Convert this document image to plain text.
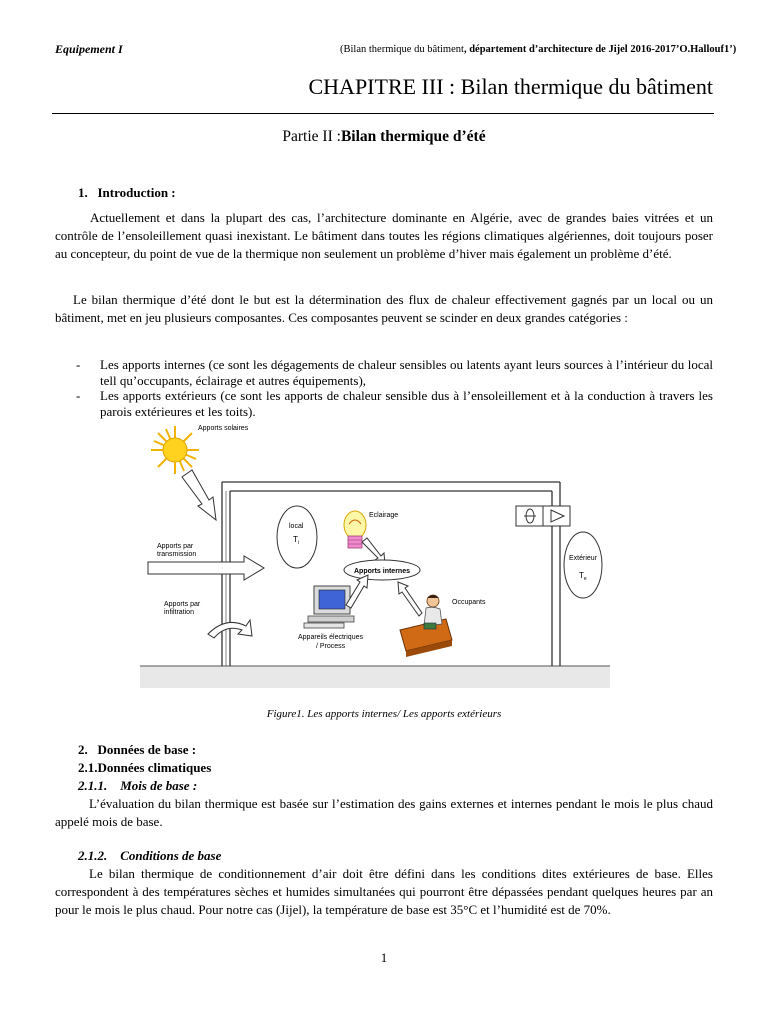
Equipement I	(Bilan thermique du bâtiment, département d’architecture de Jijel 2016-2017’O.Hallouf1’)
CHAPITRE III : Bilan thermique du bâtiment
Partie II :Bilan thermique d’été
1.   Introduction :
Actuellement et dans la plupart des cas, l’architecture dominante en Algérie, avec de grandes baies vitrées et un contrôle de l’ensoleillement quasi inexistant. Le bâtiment dans toutes les régions climatiques algériennes, doit toujours poser au concepteur, du point de vue de la thermique non seulement un problème d’hiver mais également un problème d’été.
Le bilan thermique d’été dont le but est la détermination des flux de chaleur effectivement gagnés par un local ou un bâtiment, met en jeu plusieurs composantes. Ces composantes peuvent se scinder en deux grandes catégories :
- Les apports internes (ce sont les dégagements de chaleur sensibles ou latents ayant leurs sources à l’intérieur du local tell qu’occupants, éclairage et autres équipements),
- Les apports extérieurs (ce sont les apports de chaleur sensible dus à l’ensoleillement et à la conduction à travers les parois extérieures et les toits).
Apports solaires
Apports par transmission
Apports par infiltration
local
$T_i$
Eclairage
Apports internes
Appareils électriques / Process
Occupants
Extérieur
$T_e$
Figure1. Les apports internes/ Les apports extérieurs
2.   Données de base :
2.1.Données climatiques
2.1.1.    Mois de base :
L’évaluation du bilan thermique est basée sur l’estimation des gains externes et internes pendant le mois le plus chaud appelé mois de base.
2.1.2.    Conditions de base
Le bilan thermique de conditionnement d’air doit être défini dans les conditions dites extérieures de base. Elles correspondent à des températures sèches et humides simultanées qui pourront être dépassées pendant quelques heures par an pour le mois le plus chaud. Pour notre cas (Jijel), la température de base est 35°C et l’humidité est de 70%.
1
